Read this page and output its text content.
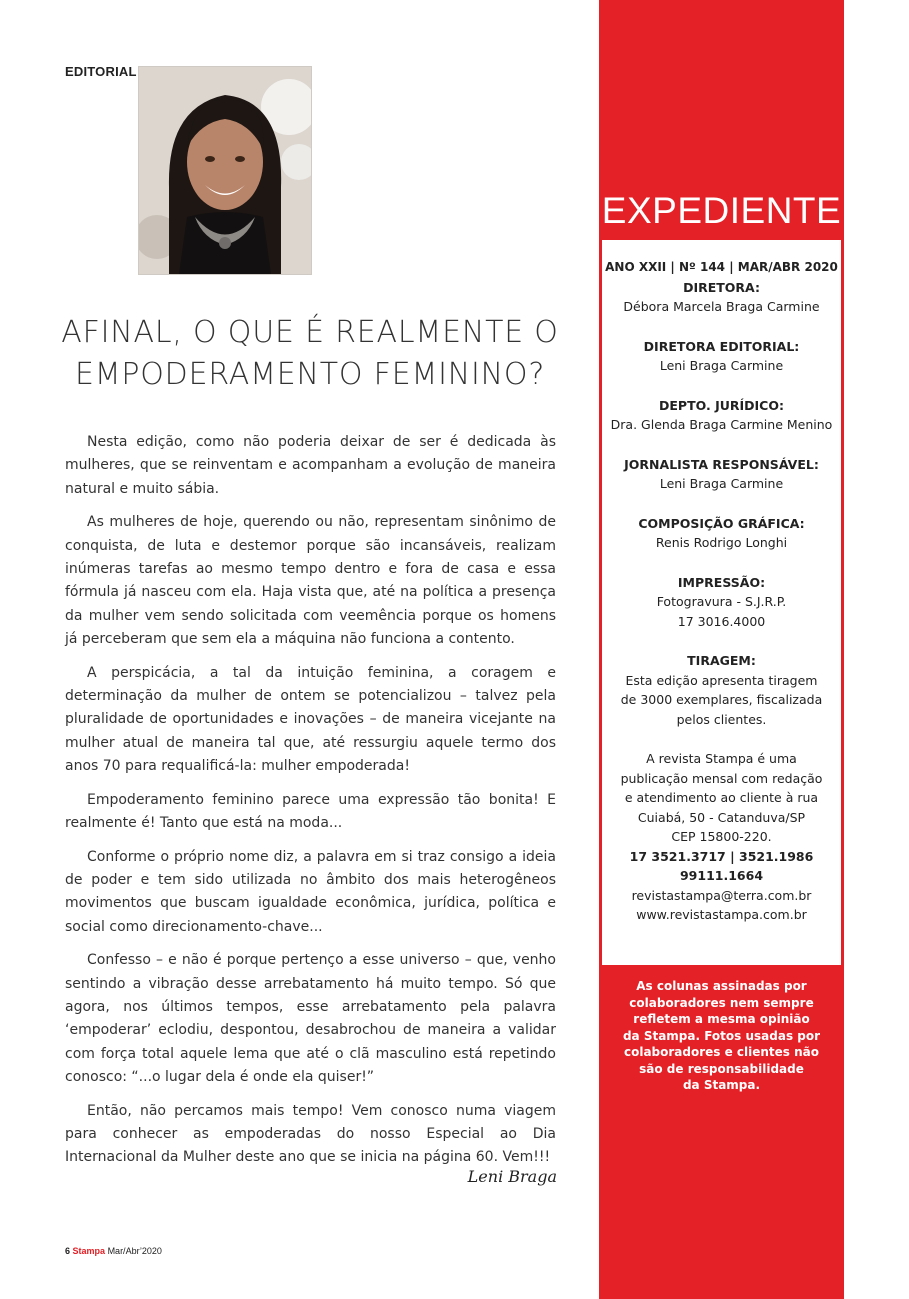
EDITORIAL
AFINAL, O QUE É REALMENTE O EMPODERAMENTO FEMININO?

Nesta edição, como não poderia deixar de ser é dedicada às mulheres, que se reinventam e acompanham a evolução de maneira natural e muito sábia.

As mulheres de hoje, querendo ou não, representam sinônimo de conquista, de luta e destemor porque são incansáveis, realizam inúmeras tarefas ao mesmo tempo dentro e fora de casa e essa fórmula já nasceu com ela. Haja vista que, até na política a presença da mulher vem sendo solicitada com veemência porque os homens já perceberam que sem ela a máquina não funciona a contento.

A perspicácia, a tal da intuição feminina, a coragem e determinação da mulher de ontem se potencializou – talvez pela pluralidade de oportunidades e inovações – de maneira vicejante na mulher atual de maneira tal que, até ressurgiu aquele termo dos anos 70 para requalificá-la: mulher empoderada!

Empoderamento feminino parece uma expressão tão bonita! E realmente é! Tanto que está na moda...

Conforme o próprio nome diz, a palavra em si traz consigo a ideia de poder e tem sido utilizada no âmbito dos mais heterogêneos movimentos que buscam igualdade econômica, jurídica, política e social como direcionamento-chave...

Confesso – e não é porque pertenço a esse universo – que, venho sentindo a vibração desse arrebatamento há muito tempo. Só que agora, nos últimos tempos, esse arrebatamento pela palavra ‘empoderar’ eclodiu, despontou, desabrochou de maneira a validar com força total aquele lema que até o clã masculino está repetindo conosco: “...o lugar dela é onde ela quiser!”

Então, não percamos mais tempo! Vem conosco numa viagem para conhecer as empoderadas do nosso Especial ao Dia Internacional da Mulher deste ano que se inicia na página 60. Vem!!!

Leni Braga
6 Stampa Mar/Abr’2020
EXPEDIENTE
ANO XXII | Nº 144 | MAR/ABR 2020
DIRETORA:
Débora Marcela Braga Carmine
DIRETORA EDITORIAL:
Leni Braga Carmine
DEPTO. JURÍDICO:
Dra. Glenda Braga Carmine Menino
JORNALISTA RESPONSÁVEL:
Leni Braga Carmine
COMPOSIÇÃO GRÁFICA:
Renis Rodrigo Longhi
IMPRESSÃO:
Fotogravura - S.J.R.P.
17 3016.4000
TIRAGEM:
Esta edição apresenta tiragem
de 3000 exemplares, fiscalizada
pelos clientes.
A revista Stampa é uma
publicação mensal com redação
e atendimento ao cliente à rua
Cuiabá, 50 - Catanduva/SP
CEP 15800-220.
17 3521.3717 | 3521.1986
99111.1664
revistastampa@terra.com.br
www.revistastampa.com.br
As colunas assinadas por
colaboradores nem sempre
refletem a mesma opinião
da Stampa. Fotos usadas por
colaboradores e clientes não
são de responsabilidade
da Stampa.
